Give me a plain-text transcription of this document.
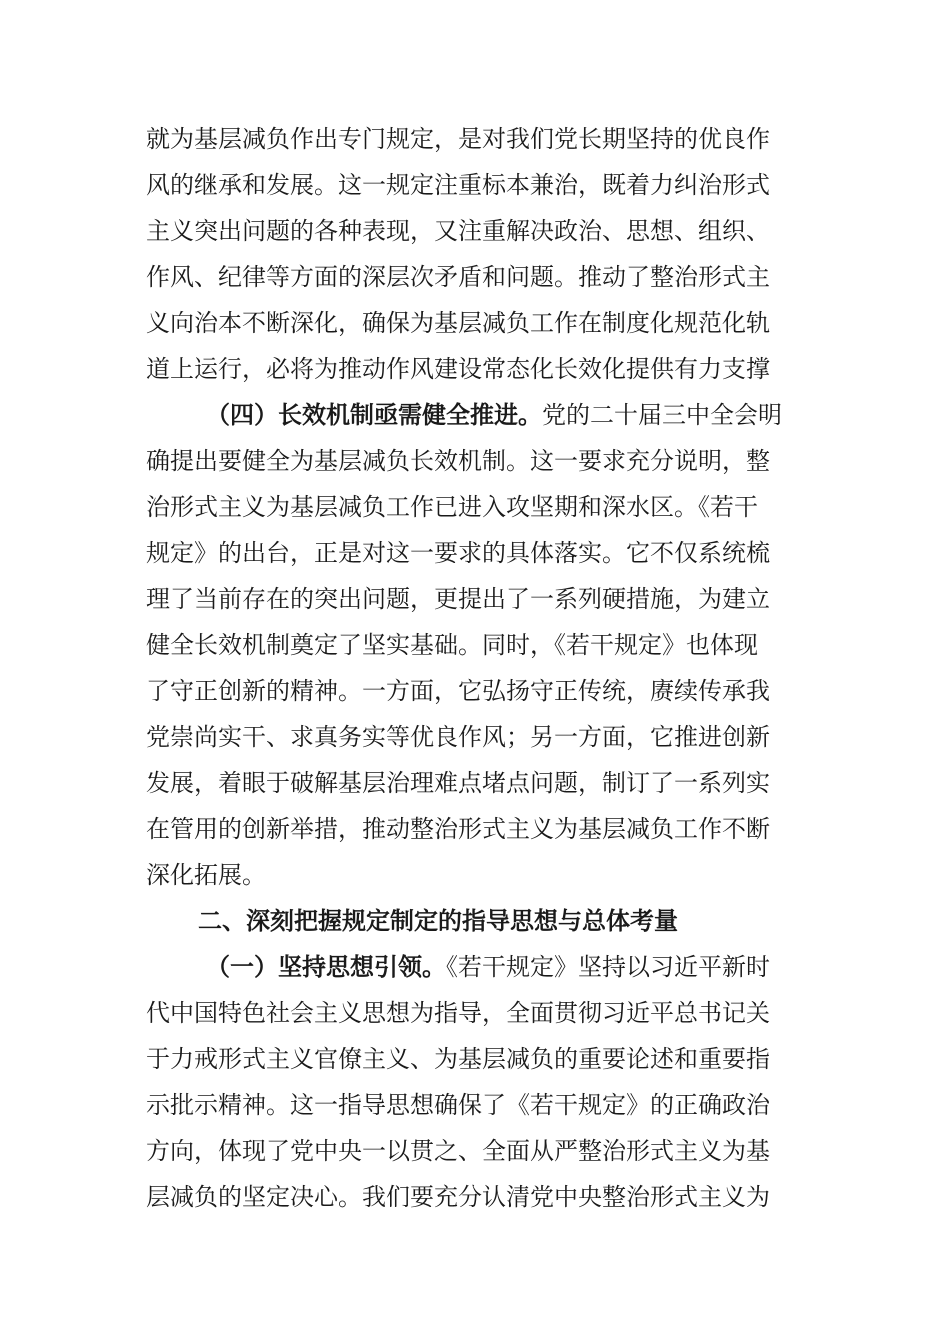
就为基层减负作出专门规定，是对我们党长期坚持的优良作
风的继承和发展。这一规定注重标本兼治，既着力纠治形式
主义突出问题的各种表现，又注重解决政治、思想、组织、
作风、纪律等方面的深层次矛盾和问题。推动了整治形式主
义向治本不断深化，确保为基层减负工作在制度化规范化轨
道上运行，必将为推动作风建设常态化长效化提供有力支撑
（四）长效机制亟需健全推进。党的二十届三中全会明
确提出要健全为基层减负长效机制。这一要求充分说明，整
治形式主义为基层减负工作已进入攻坚期和深水区。《若干
规定》的出台，正是对这一要求的具体落实。它不仅系统梳
理了当前存在的突出问题，更提出了一系列硬措施，为建立
健全长效机制奠定了坚实基础。同时，《若干规定》也体现
了守正创新的精神。一方面，它弘扬守正传统，赓续传承我
党崇尚实干、求真务实等优良作风；另一方面，它推进创新
发展，着眼于破解基层治理难点堵点问题，制订了一系列实
在管用的创新举措，推动整治形式主义为基层减负工作不断
深化拓展。
二、深刻把握规定制定的指导思想与总体考量
（一）坚持思想引领。《若干规定》坚持以习近平新时
代中国特色社会主义思想为指导，全面贯彻习近平总书记关
于力戒形式主义官僚主义、为基层减负的重要论述和重要指
示批示精神。这一指导思想确保了《若干规定》的正确政治
方向，体现了党中央一以贯之、全面从严整治形式主义为基
层减负的坚定决心。我们要充分认清党中央整治形式主义为
